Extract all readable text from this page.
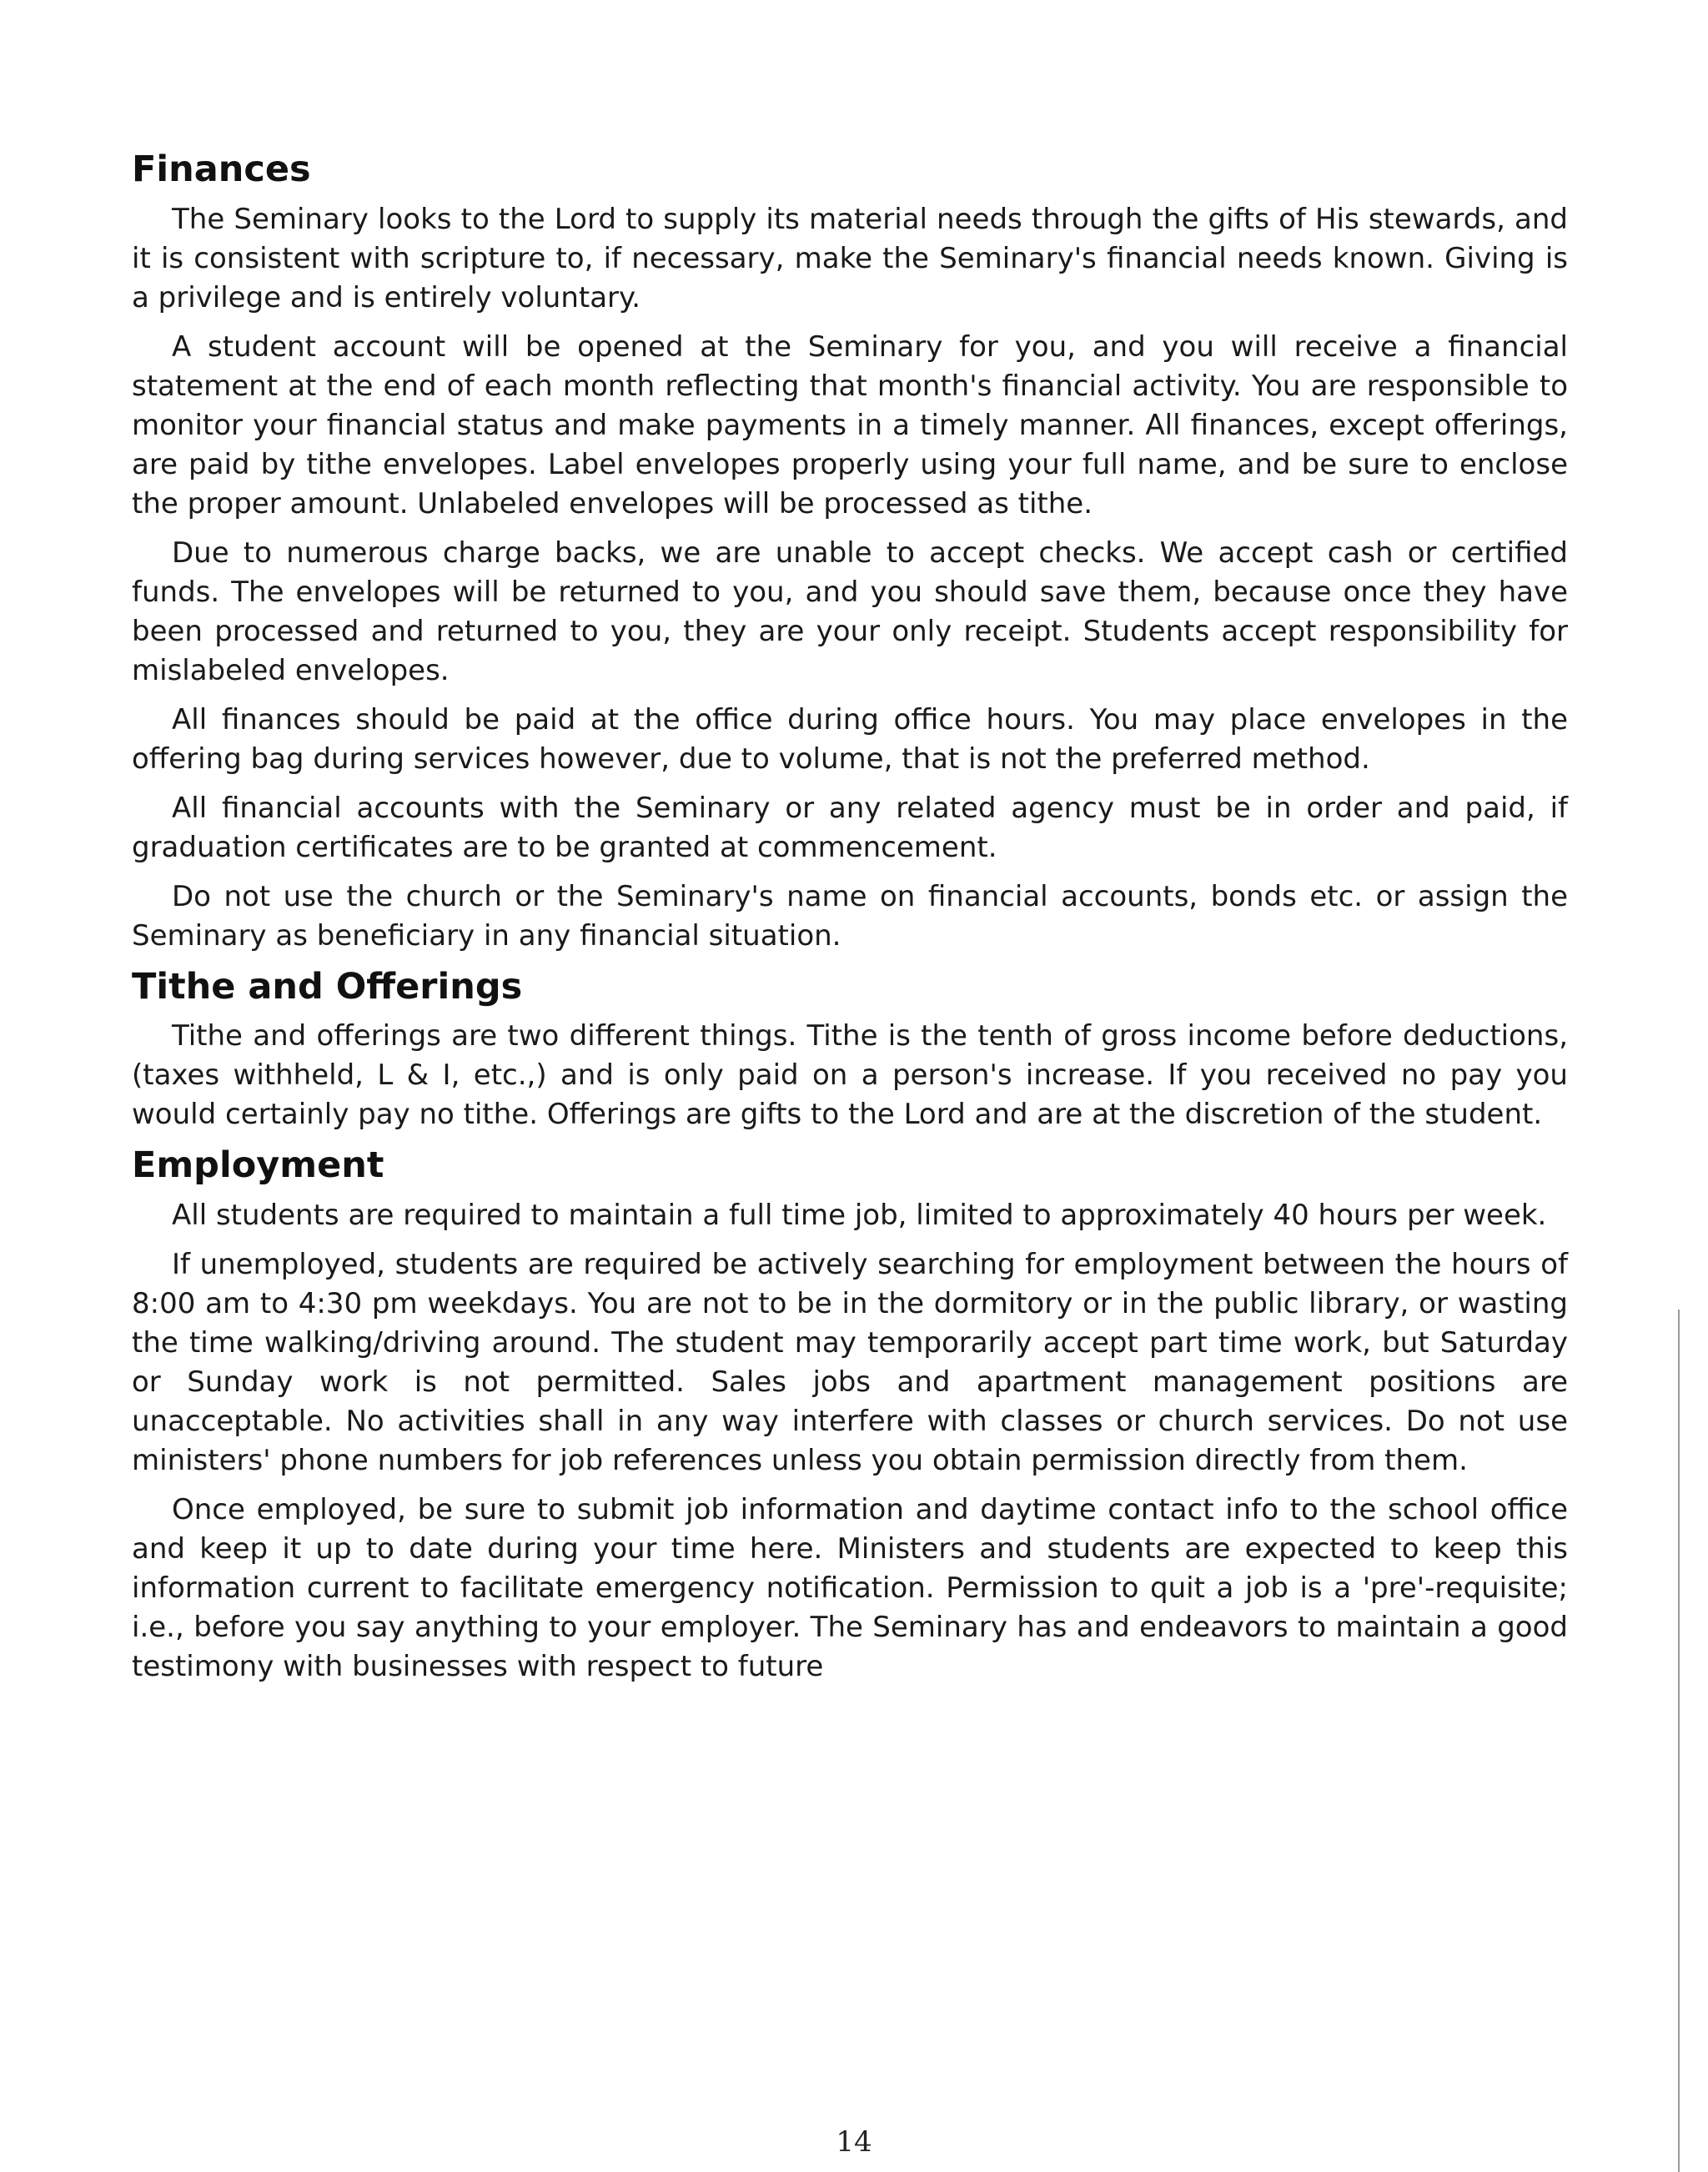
Finances

The Seminary looks to the Lord to supply its material needs through the gifts of His stewards, and it is consistent with scripture to, if necessary, make the Seminary's financial needs known. Giving is a privilege and is entirely voluntary.

A student account will be opened at the Seminary for you, and you will receive a financial statement at the end of each month reflecting that month's financial activity. You are responsible to monitor your financial status and make payments in a timely manner. All finances, except offerings, are paid by tithe envelopes. Label envelopes properly using your full name, and be sure to enclose the proper amount. Unlabeled envelopes will be processed as tithe.

Due to numerous charge backs, we are unable to accept checks. We accept cash or certified funds. The envelopes will be returned to you, and you should save them, because once they have been processed and returned to you, they are your only receipt. Students accept responsibility for mislabeled envelopes.

All finances should be paid at the office during office hours. You may place envelopes in the offering bag during services however, due to volume, that is not the preferred method.

All financial accounts with the Seminary or any related agency must be in order and paid, if graduation certificates are to be granted at commencement.

Do not use the church or the Seminary's name on financial accounts, bonds etc. or assign the Seminary as beneficiary in any financial situation.

Tithe and Offerings

Tithe and offerings are two different things. Tithe is the tenth of gross income before deductions, (taxes withheld, L & I, etc.,) and is only paid on a person's increase. If you received no pay you would certainly pay no tithe. Offerings are gifts to the Lord and are at the discretion of the student.

Employment

All students are required to maintain a full time job, limited to approximately 40 hours per week.

If unemployed, students are required be actively searching for employment between the hours of 8:00 am to 4:30 pm weekdays. You are not to be in the dormitory or in the public library, or wasting the time walking/driving around. The student may temporarily accept part time work, but Saturday or Sunday work is not permitted. Sales jobs and apartment management positions are unacceptable. No activities shall in any way interfere with classes or church services. Do not use ministers' phone numbers for job references unless you obtain permission directly from them.

Once employed, be sure to submit job information and daytime contact info to the school office and keep it up to date during your time here. Ministers and students are expected to keep this information current to facilitate emergency notification. Permission to quit a job is a 'pre'-requisite; i.e., before you say anything to your employer. The Seminary has and endeavors to maintain a good testimony with businesses with respect to future

14
